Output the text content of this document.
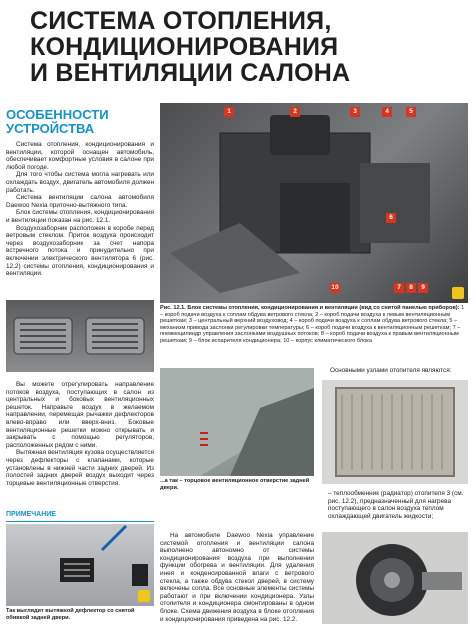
СИСТЕМА ОТОПЛЕНИЯ,
КОНДИЦИОНИРОВАНИЯ
И ВЕНТИЛЯЦИИ САЛОНА
ОСОБЕННОСТИ
УСТРОЙСТВА

Система отопления, кондиционирования и вентиляции, которой оснащен автомобиль, обеспечивает комфортные условия в салоне при любой погоде.

Для того чтобы система могла нагревать или охлаждать воздух, двигатель автомобиля должен работать.

Система вентиляции салона автомобиля Daewoo Nexia приточно-вытяжного типа.

Блок системы отопления, кондиционирования и вентиляции показан на рис. 12.1.

Воздухозаборник расположен в коробе перед ветровым стеклом. Приток воздуха происходит через воздухозаборник за счет напора встречного потока и принудительно при включении электрического вентилятора 6 (рис. 12.2) системы отопления, кондиционирования и вентиляции.

Вы можете отрегулировать направление потоков воздуха, поступающих в салон из центральных и боковых вентиляционных решеток. Направьте воздух в желаемом направлении, перемещая рычажки дефлекторов влево-вправо или вверх-вниз. Боковые вентиляционные решетки можно открывать и закрывать с помощью регуляторов, расположенных рядом с ними.

Вытяжная вентиляция кузова осуществляется через дефлекторы с клапанами, которые установлены в нижней части задних дверей. Из полостей задних дверей воздух выходит через торцевые вентиляционные отверстия.

ПРИМЕЧАНИЕ
Так выглядит вытяжной дефлектор со снятой обивкой задней двери.
1	2	3	4	5
6
7	8	9
10
Рис. 12.1. Блок системы отопления, кондиционирования и вентиляции (вид со снятой панелью приборов): 1 – короб подачи воздуха к соплам обдува ветрового стекла; 2 – короб подачи воздуха к левым вентиляционным решеткам; 3 – центральный верхний воздуховод; 4 – короб подачи воздуха к соплам обдува ветрового стекла; 5 – механизм привода заслонки регулировки температуры; 6 – короб подачи воздуха к вентиляционным решеткам; 7 – пневмоцилиндр управления заслонками воздушных потоков; 8 – короб подачи воздуха к правым вентиляционным решеткам; 9 – блок испарителя кондиционера; 10 – корпус климатического блока
...а так – торцовое вентиляционное отверстие задней двери.

На автомобиле Daewoo Nexia управление системой отопления и вентиляции салона выполнено автономно от системы кондиционирования воздуха при выполнении функции обогрева и вентиляции. Для удаления инея и конденсированной влаги с ветрового стекла, а также обдува стекол дверей, в систему включены сопла. Все основные элементы системы работают и при включении кондиционера. Узлы отопителя и кондиционера смонтированы в одном блоке. Схема движения воздуха в блоке отопления и кондиционирования приведена на рис. 12.2.

Основными узлами отопителя являются:
– теплообменник (радиатор) отопителя 3 (см. рис. 12.2), предназначенный для нагрева поступающего в салон воздуха теплом охлаждающей двигатель жидкости;
